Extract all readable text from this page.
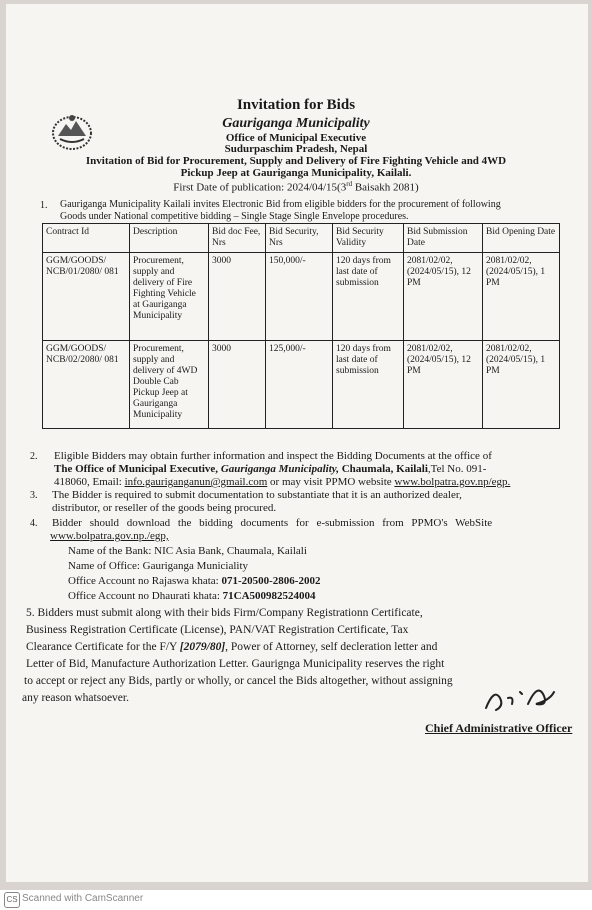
Invitation for Bids
Gauriganga Municipality
Office of Municipal Executive
Sudurpaschim Pradesh, Nepal
Invitation of Bid for Procurement, Supply and Delivery of Fire Fighting Vehicle and 4WD
Pickup Jeep at Gauriganga Municipality, Kailali.
First Date of publication: 2024/04/15(3rd Baisakh 2081)
1. Gauriganga Municipality Kailali invites Electronic Bid from eligible bidders for the procurement of following
Goods under National competitive bidding – Single Stage Single Envelope procedures.
Contract Id	Description	Bid doc Fee, Nrs	Bid Security, Nrs	Bid Security Validity	Bid Submission Date	Bid Opening Date
GGM/GOODS/ NCB/01/2080/ 081	Procurement, supply and delivery of Fire Fighting Vehicle at Gauriganga Municipality	3000	150,000/-	120 days from last date of submission	2081/02/02, (2024/05/15), 12 PM	2081/02/02, (2024/05/15), 1 PM
GGM/GOODS/ NCB/02/2080/ 081	Procurement, supply and delivery of 4WD Double Cab Pickup Jeep at Gauriganga Municipality	3000	125,000/-	120 days from last date of submission	2081/02/02, (2024/05/15), 12 PM	2081/02/02, (2024/05/15), 1 PM
2. Eligible Bidders may obtain further information and inspect the Bidding Documents at the office of
The Office of Municipal Executive, Gauriganga Municipality, Chaumala, Kailali,Tel No. 091-
418060, Email: info.gauriganganun@gmail.com or may visit PPMO website www.bolpatra.gov.np/egp.
3. The Bidder is required to submit documentation to substantiate that it is an authorized dealer,
distributor, or reseller of the goods being procured.
4. Bidder should download the bidding documents for e-submission from PPMO's WebSite
www.bolpatra.gov.np./egp,
Name of the Bank: NIC Asia Bank, Chaumala, Kailali
Name of Office: Gauriganga Municiality
Office Account no Rajaswa khata: 071-20500-2806-2002
Office Account no Dhaurati khata: 71CA500982524004
5. Bidders must submit along with their bids Firm/Company Registrationn Certificate,
Business Registration Certificate (License), PAN/VAT Registration Certificate, Tax
Clearance Certificate for the F/Y [2079/80], Power of Attorney, self decleration letter and
Letter of Bid, Manufacture Authorization Letter. Gaurigngа Municipality reserves the right
to accept or reject any Bids, partly or wholly, or cancel the Bids altogether, without assigning
any reason whatsoever.
Chief Administrative Officer
CS Scanned with CamScanner
